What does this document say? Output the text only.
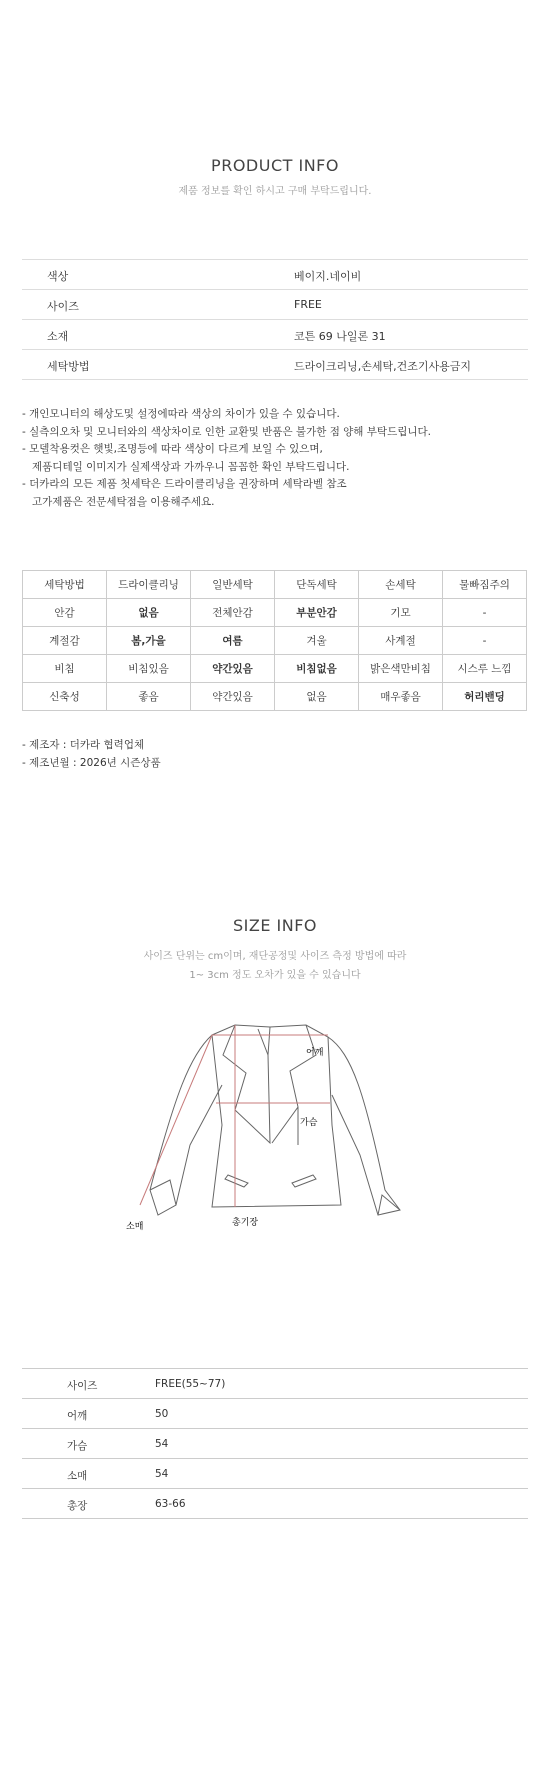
PRODUCT INFO
제품 정보를 확인 하시고 구매 부탁드립니다.
색상	베이지.네이비
사이즈	FREE
소재	코튼 69 나일론 31
세탁방법	드라이크리닝,손세탁,건조기사용금지
- 개인모니터의 해상도및 설정에따라 색상의 차이가 있을 수 있습니다.
- 실측의오차 및 모니터와의 색상차이로 인한 교환및 반품은 불가한 점 양해 부탁드립니다.
- 모델착용컷은 햇빛,조명등에 따라 색상이 다르게 보일 수 있으며,
제품디테일 이미지가 실제색상과 가까우니 꼼꼼한 확인 부탁드립니다.
- 더카라의 모든 제품 첫세탁은 드라이클리닝을 권장하며 세탁라벨 참조
고가제품은 전문세탁점을 이용해주세요.
세탁방법	드라이클리닝	일반세탁	단독세탁	손세탁	물빠짐주의
안감	없음	전체안감	부분안감	기모	-
계절감	봄,가을	여름	겨울	사계절	-
비침	비침있음	약간있음	비침없음	밝은색만비침	시스루 느낌
신축성	좋음	약간있음	없음	매우좋음	허리밴딩
- 제조자 : 더카라 협력업체
- 제조년월 : 2026년 시즌상품
SIZE INFO
사이즈 단위는 cm이며, 재단공정및 사이즈 측정 방법에 따라
1~ 3cm 정도 오차가 있을 수 있습니다
어깨
가슴
소매	총기장
사이즈	FREE(55~77)
어깨	50
가슴	54
소매	54
총장	63-66
